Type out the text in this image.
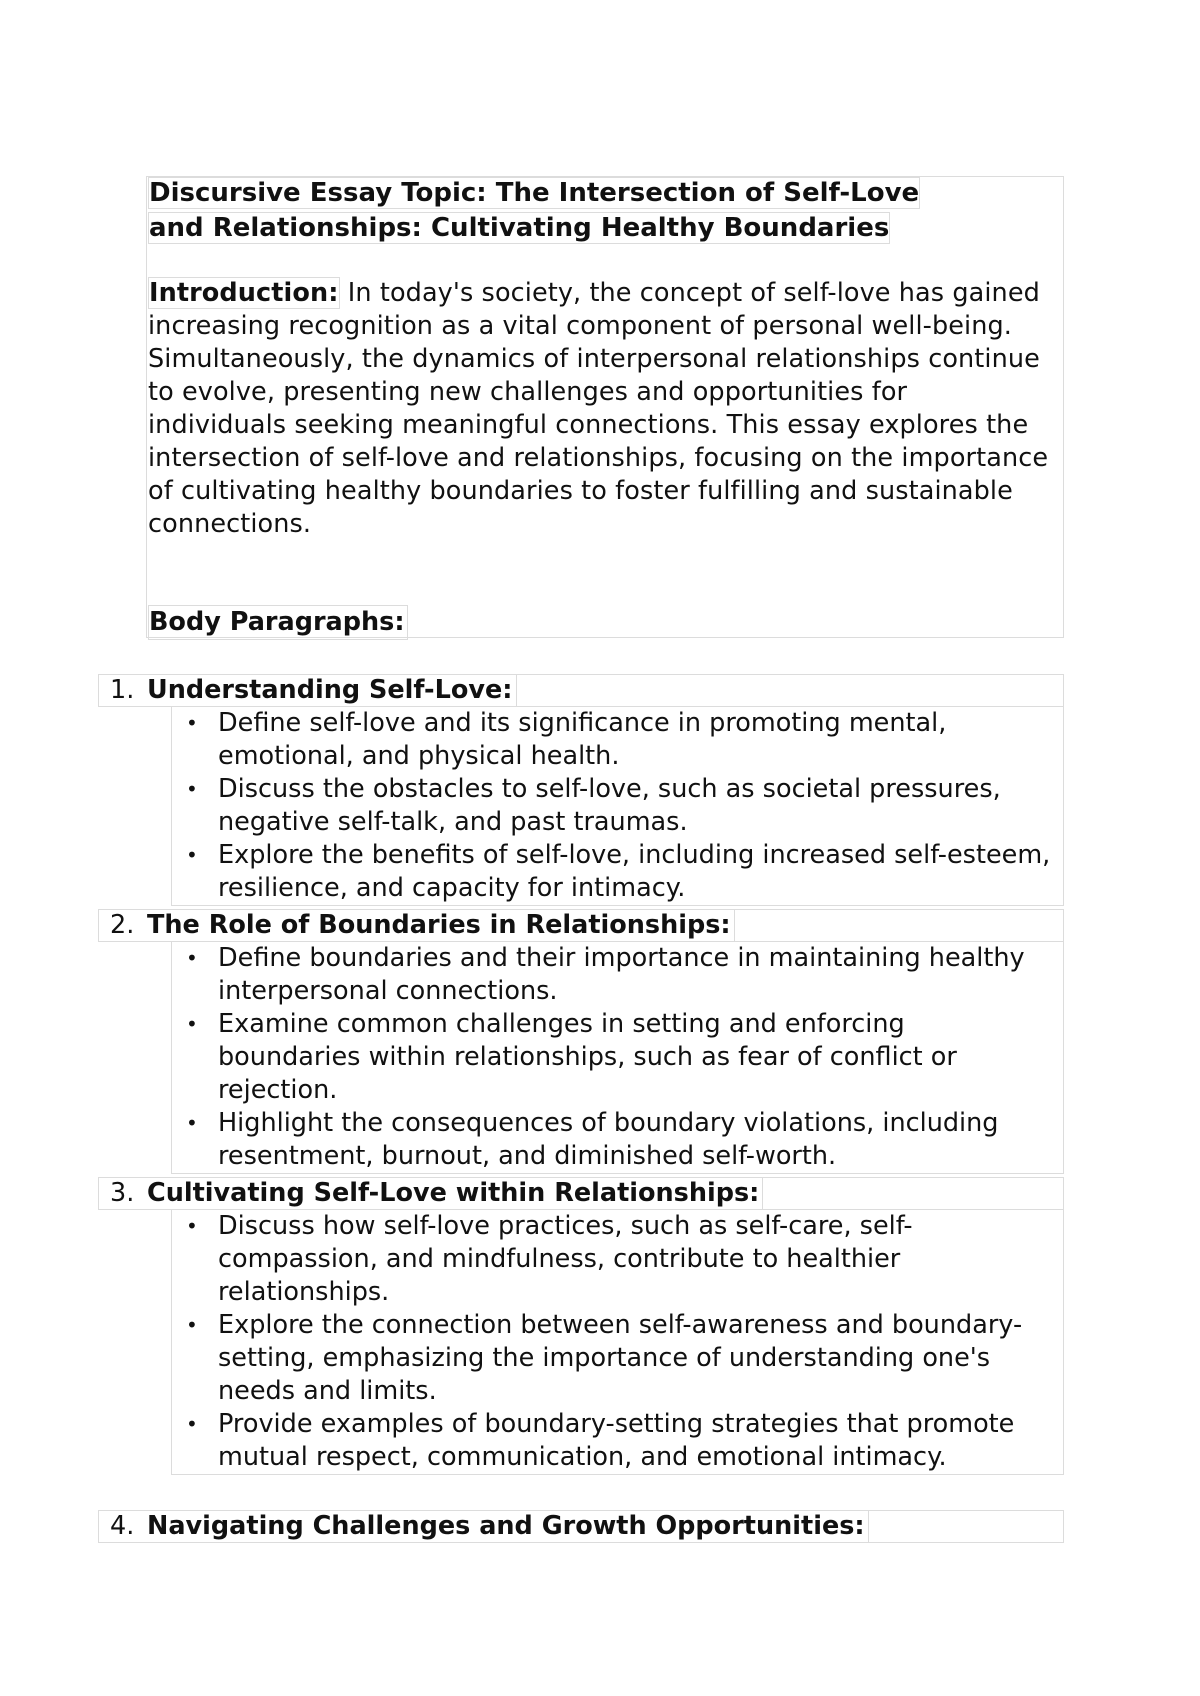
Discursive Essay Topic: The Intersection of Self-Love
and Relationships: Cultivating Healthy Boundaries
Introduction: In today's society, the concept of self-love has gained increasing recognition as a vital component of personal well-being. Simultaneously, the dynamics of interpersonal relationships continue to evolve, presenting new challenges and opportunities for individuals seeking meaningful connections. This essay explores the intersection of self-love and relationships, focusing on the importance of cultivating healthy boundaries to foster fulfilling and sustainable connections.
Body Paragraphs:
1. Understanding Self-Love:
• Define self-love and its significance in promoting mental, emotional, and physical health.
• Discuss the obstacles to self-love, such as societal pressures, negative self-talk, and past traumas.
• Explore the benefits of self-love, including increased self-esteem, resilience, and capacity for intimacy.
2. The Role of Boundaries in Relationships:
• Define boundaries and their importance in maintaining healthy interpersonal connections.
• Examine common challenges in setting and enforcing boundaries within relationships, such as fear of conflict or rejection.
• Highlight the consequences of boundary violations, including resentment, burnout, and diminished self-worth.
3. Cultivating Self-Love within Relationships:
• Discuss how self-love practices, such as self-care, self-compassion, and mindfulness, contribute to healthier relationships.
• Explore the connection between self-awareness and boundary-setting, emphasizing the importance of understanding one's needs and limits.
• Provide examples of boundary-setting strategies that promote mutual respect, communication, and emotional intimacy.
4. Navigating Challenges and Growth Opportunities:
